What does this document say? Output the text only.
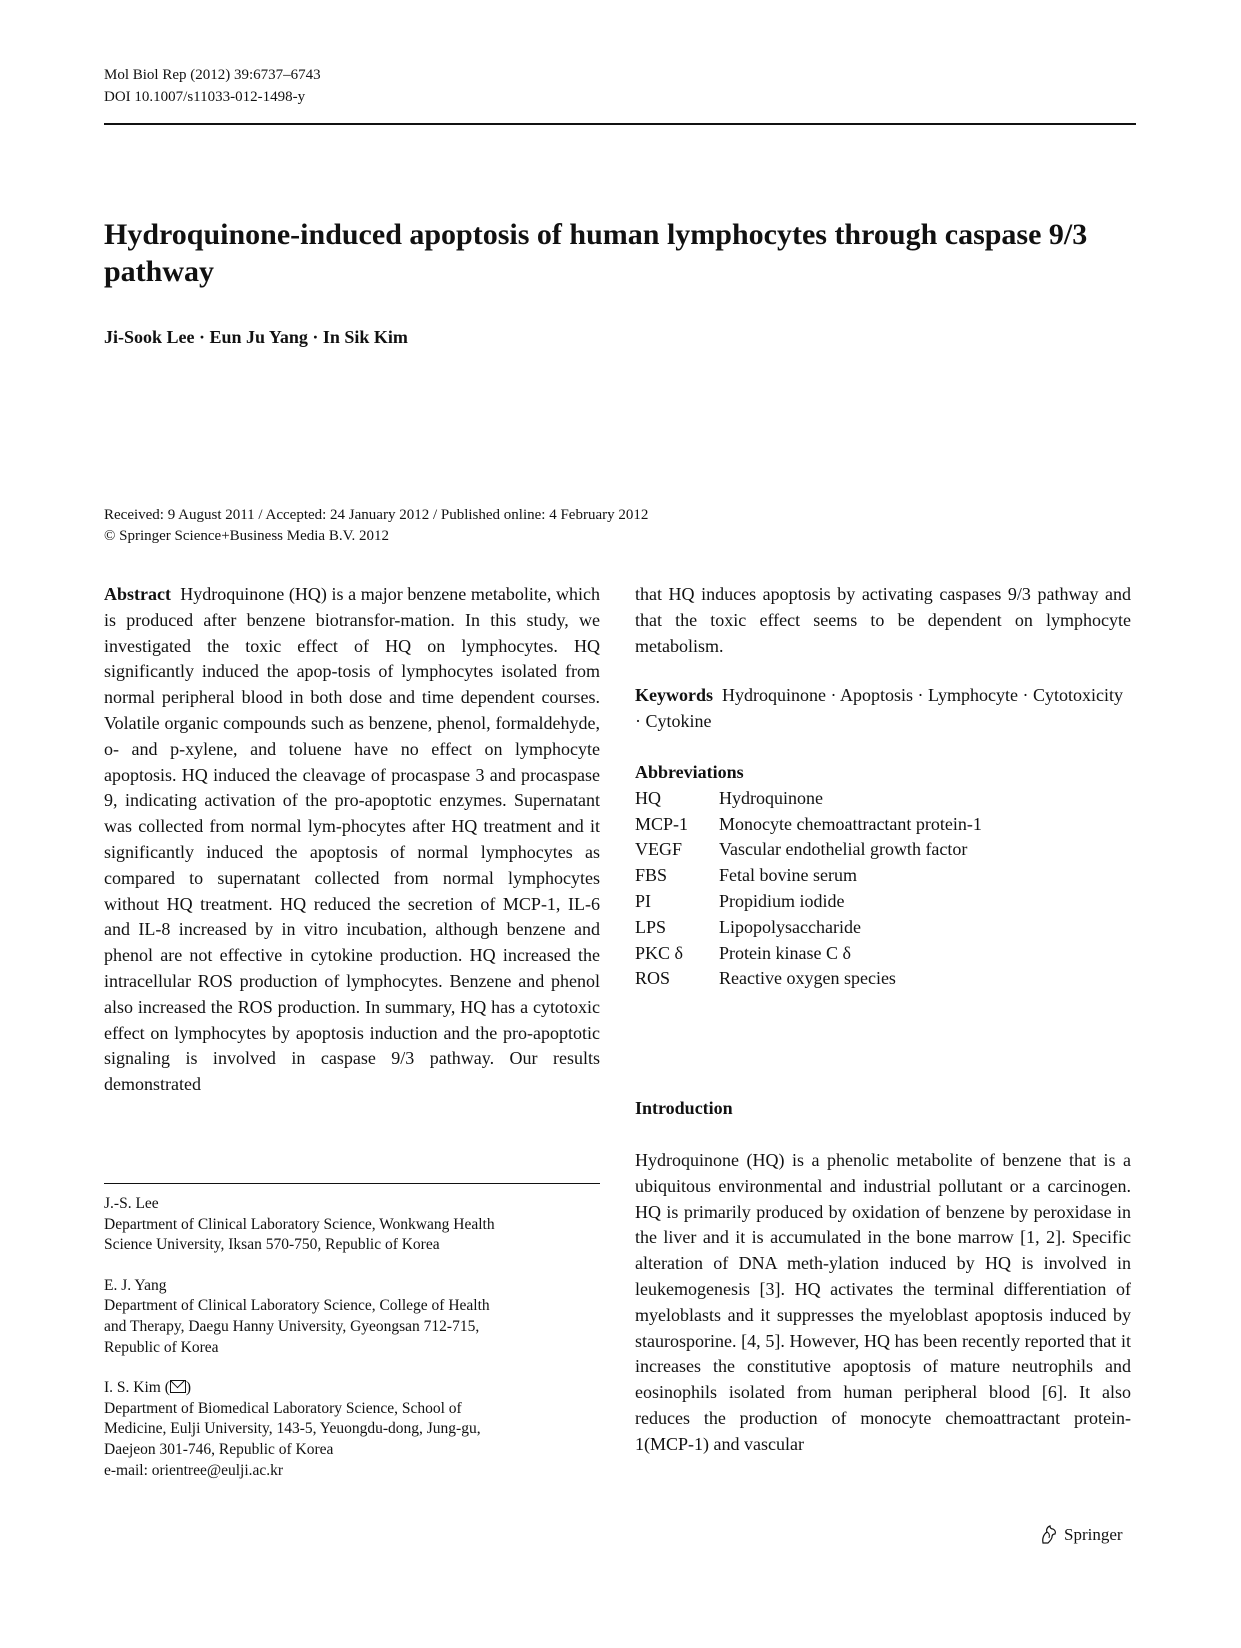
Mol Biol Rep (2012) 39:6737–6743
DOI 10.1007/s11033-012-1498-y
Hydroquinone-induced apoptosis of human lymphocytes through caspase 9/3 pathway
Ji-Sook Lee · Eun Ju Yang · In Sik Kim
Received: 9 August 2011 / Accepted: 24 January 2012 / Published online: 4 February 2012
© Springer Science+Business Media B.V. 2012

Abstract Hydroquinone (HQ) is a major benzene metabolite, which is produced after benzene biotransfor-mation. In this study, we investigated the toxic effect of HQ on lymphocytes. HQ significantly induced the apop-tosis of lymphocytes isolated from normal peripheral blood in both dose and time dependent courses. Volatile organic compounds such as benzene, phenol, formaldehyde, o- and p-xylene, and toluene have no effect on lymphocyte apoptosis. HQ induced the cleavage of procaspase 3 and procaspase 9, indicating activation of the pro-apoptotic enzymes. Supernatant was collected from normal lym-phocytes after HQ treatment and it significantly induced the apoptosis of normal lymphocytes as compared to supernatant collected from normal lymphocytes without HQ treatment. HQ reduced the secretion of MCP-1, IL-6 and IL-8 increased by in vitro incubation, although benzene and phenol are not effective in cytokine production. HQ increased the intracellular ROS production of lymphocytes. Benzene and phenol also increased the ROS production. In summary, HQ has a cytotoxic effect on lymphocytes by apoptosis induction and the pro-apoptotic signaling is involved in caspase 9/3 pathway. Our results demonstrated

that HQ induces apoptosis by activating caspases 9/3 pathway and that the toxic effect seems to be dependent on lymphocyte metabolism.

Keywords Hydroquinone · Apoptosis · Lymphocyte · Cytotoxicity · Cytokine

Abbreviations
HQ	Hydroquinone
MCP-1	Monocyte chemoattractant protein-1
VEGF	Vascular endothelial growth factor
FBS	Fetal bovine serum
PI	Propidium iodide
LPS	Lipopolysaccharide
PKC δ	Protein kinase C δ
ROS	Reactive oxygen species
Introduction

Hydroquinone (HQ) is a phenolic metabolite of benzene that is a ubiquitous environmental and industrial pollutant or a carcinogen. HQ is primarily produced by oxidation of benzene by peroxidase in the liver and it is accumulated in the bone marrow [1, 2]. Specific alteration of DNA meth-ylation induced by HQ is involved in leukemogenesis [3]. HQ activates the terminal differentiation of myeloblasts and it suppresses the myeloblast apoptosis induced by staurosporine. [4, 5]. However, HQ has been recently reported that it increases the constitutive apoptosis of mature neutrophils and eosinophils isolated from human peripheral blood [6]. It also reduces the production of monocyte chemoattractant protein-1(MCP-1) and vascular

J.-S. Lee
Department of Clinical Laboratory Science, Wonkwang Health
Science University, Iksan 570-750, Republic of Korea
E. J. Yang
Department of Clinical Laboratory Science, College of Health
and Therapy, Daegu Hanny University, Gyeongsan 712-715,
Republic of Korea
I. S. Kim ( )
Department of Biomedical Laboratory Science, School of
Medicine, Eulji University, 143-5, Yeuongdu-dong, Jung-gu,
Daejeon 301-746, Republic of Korea
e-mail: orientree@eulji.ac.kr
Springer
